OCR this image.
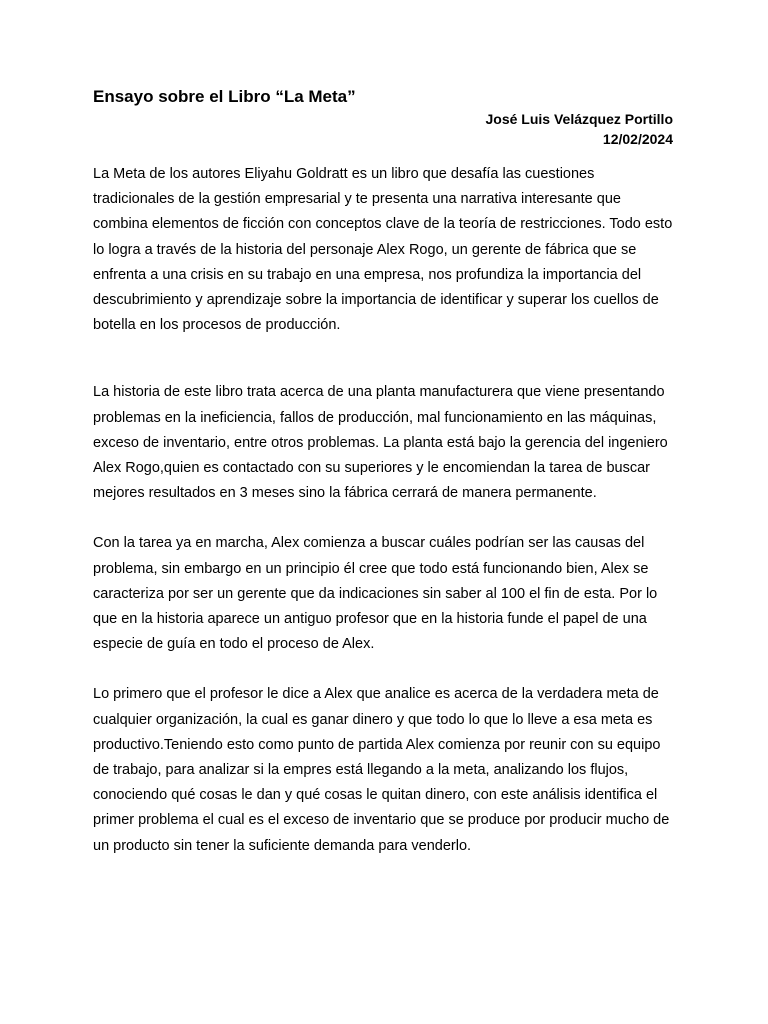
Ensayo sobre el Libro “La Meta”
José Luis Velázquez Portillo
12/02/2024

La Meta de los autores Eliyahu Goldratt es un libro que desafía las cuestiones tradicionales de la gestión empresarial y te presenta una narrativa interesante que combina elementos de ficción con conceptos clave de la teoría de restricciones. Todo esto lo logra a través de la historia del personaje Alex Rogo, un gerente de fábrica que se enfrenta a una crisis en su trabajo en una empresa, nos profundiza la importancia del descubrimiento y aprendizaje sobre la importancia de identificar y superar los cuellos de botella en los procesos de producción.

La historia de este libro trata acerca de una planta manufacturera que viene presentando problemas en la ineficiencia, fallos de producción, mal funcionamiento en las máquinas, exceso de inventario, entre otros problemas. La planta está bajo la gerencia del ingeniero Alex Rogo,quien es contactado con su superiores y le encomiendan la tarea de buscar mejores resultados en 3 meses sino la fábrica cerrará de manera permanente.

Con la tarea ya en marcha, Alex comienza a buscar cuáles podrían ser las causas del problema, sin embargo en un principio él cree que todo está funcionando bien, Alex se caracteriza por ser un gerente que da indicaciones sin saber al 100 el fin de esta. Por lo que en la historia aparece un antiguo profesor que en la historia funde el papel de una especie de guía en todo el proceso de Alex.

Lo primero que el profesor le dice a Alex que analice es acerca de la verdadera meta de cualquier organización, la cual es ganar dinero y que todo lo que lo lleve a esa meta es productivo.Teniendo esto como punto de partida Alex comienza por reunir con su equipo de trabajo, para analizar si la empres está llegando a la meta, analizando los flujos, conociendo qué cosas le dan y qué cosas le quitan dinero, con este análisis identifica el primer problema el cual es el exceso de inventario que se produce por producir mucho de un producto sin tener la suficiente demanda para venderlo.
